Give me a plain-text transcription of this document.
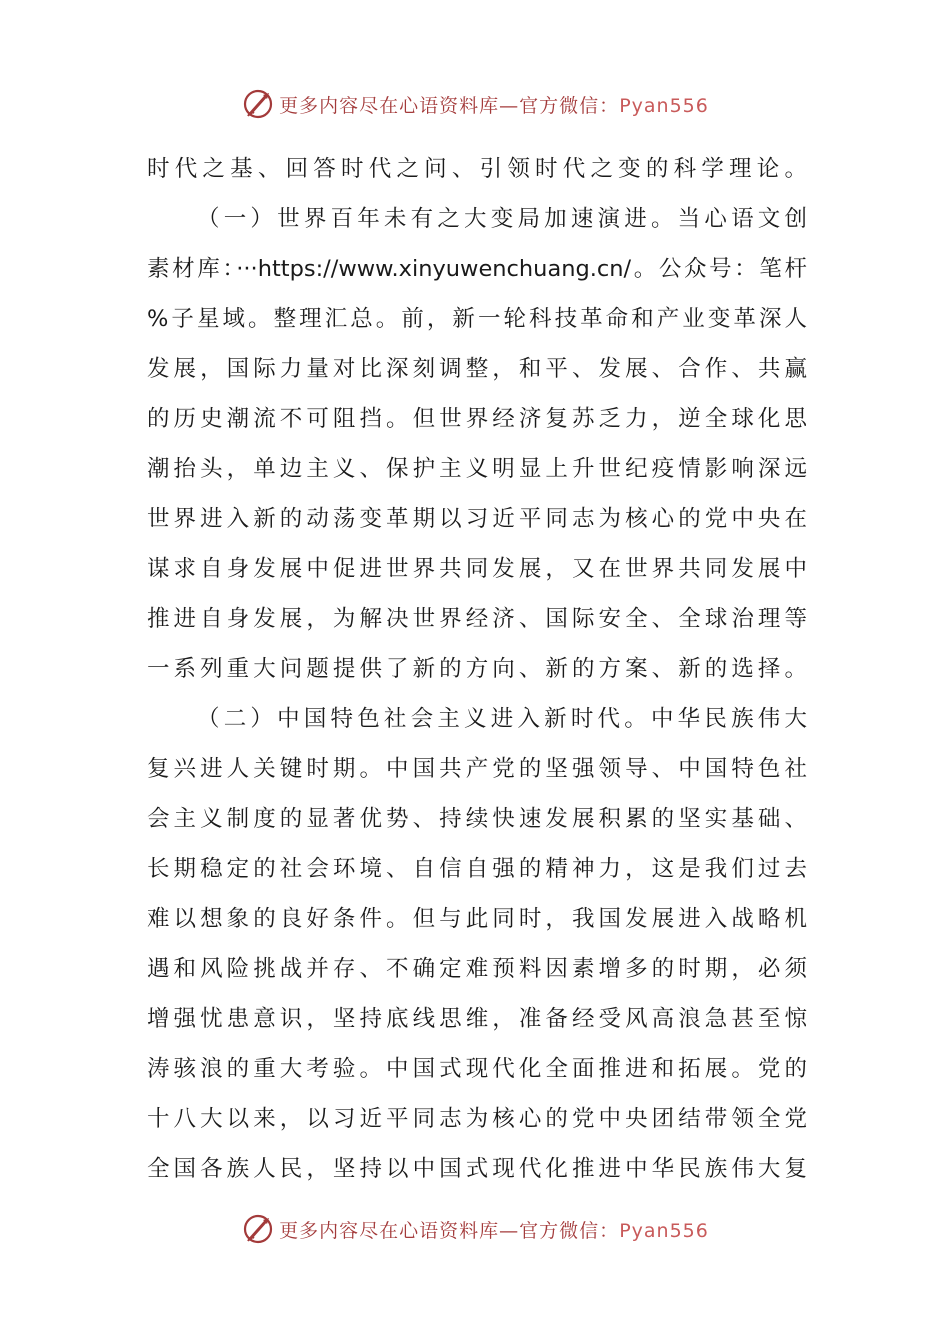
更多内容尽在心语资料库—官方微信：Pyan556
时代之基、回答时代之问、引领时代之变的科学理论。
（一）世界百年未有之大变局加速演进。当心语文创
素材库：···https://www.xinyuwenchuang.cn/。公众号：笔杆
%子星域。整理汇总。前，新一轮科技革命和产业变革深人
发展，国际力量对比深刻调整，和平、发展、合作、共赢
的历史潮流不可阻挡。但世界经济复苏乏力，逆全球化思
潮抬头，单边主义、保护主义明显上升世纪疫情影响深远
世界进入新的动荡变革期以习近平同志为核心的党中央在
谋求自身发展中促进世界共同发展，又在世界共同发展中
推进自身发展，为解决世界经济、国际安全、全球治理等
一系列重大问题提供了新的方向、新的方案、新的选择。
（二）中国特色社会主义进入新时代。中华民族伟大
复兴进人关键时期。中国共产党的坚强领导、中国特色社
会主义制度的显著优势、持续快速发展积累的坚实基础、
长期稳定的社会环境、自信自强的精神力，这是我们过去
难以想象的良好条件。但与此同时，我国发展进入战略机
遇和风险挑战并存、不确定难预料因素增多的时期，必须
增强忧患意识，坚持底线思维，准备经受风高浪急甚至惊
涛骇浪的重大考验。中国式现代化全面推进和拓展。党的
十八大以来，以习近平同志为核心的党中央团结带领全党
全国各族人民，坚持以中国式现代化推进中华民族伟大复
更多内容尽在心语资料库—官方微信：Pyan556
